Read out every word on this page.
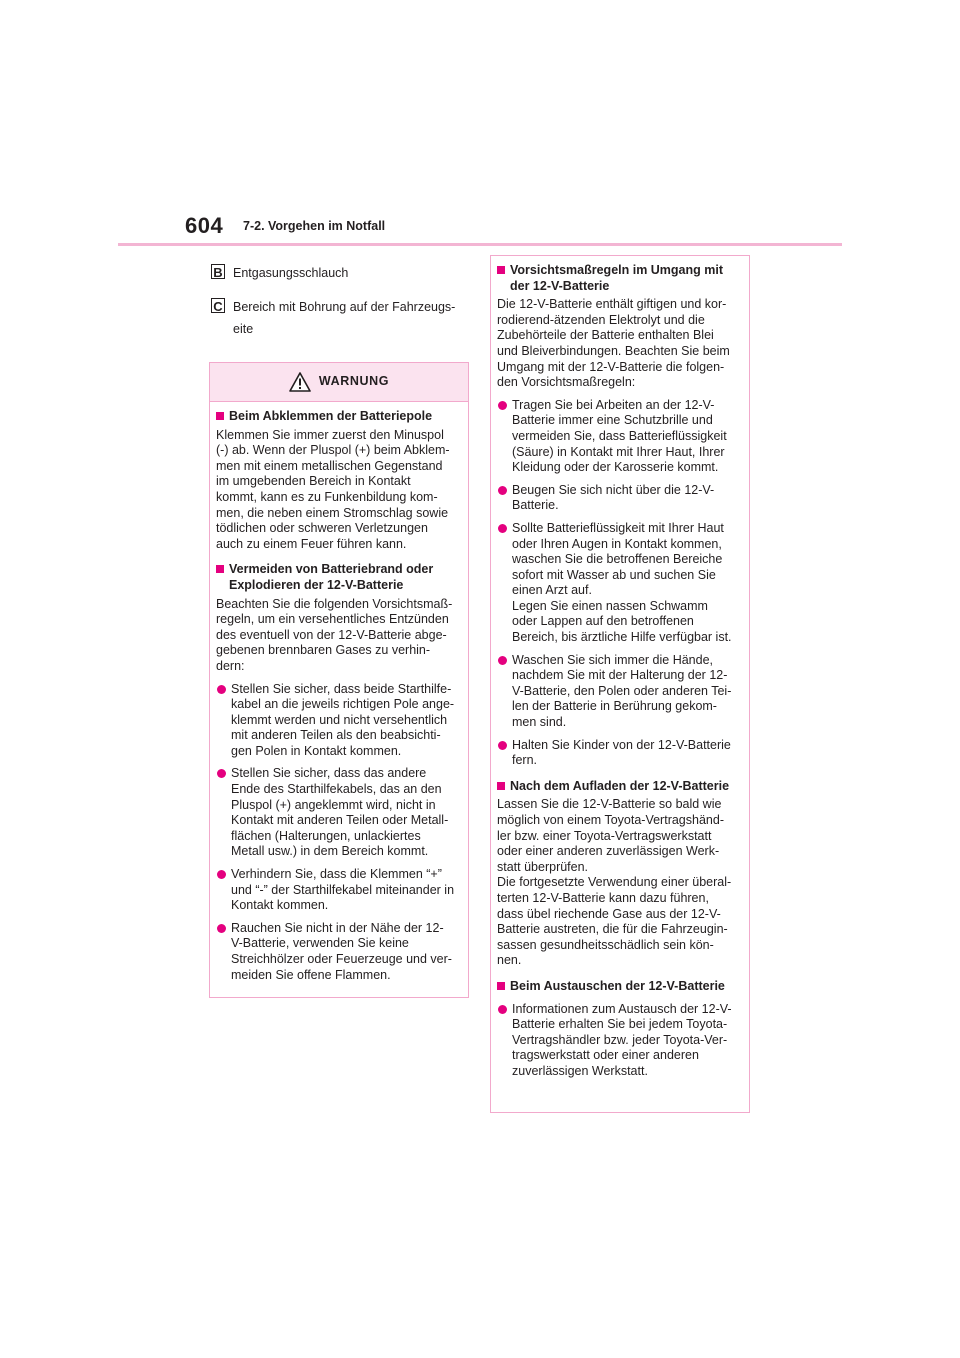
604 7-2. Vorgehen im Notfall
B Entgasungsschlauch
C Bereich mit Bohrung auf der Fahrzeugs-
eite
WARNUNG
Beim Abklemmen der Batteriepole
Klemmen Sie immer zuerst den Minuspol
(-) ab. Wenn der Pluspol (+) beim Abklem-
men mit einem metallischen Gegenstand
im umgebenden Bereich in Kontakt
kommt, kann es zu Funkenbildung kom-
men, die neben einem Stromschlag sowie
tödlichen oder schweren Verletzungen
auch zu einem Feuer führen kann.
Vermeiden von Batteriebrand oder
Explodieren der 12-V-Batterie
Beachten Sie die folgenden Vorsichtsmaß-
regeln, um ein versehentliches Entzünden
des eventuell von der 12-V-Batterie abge-
gebenen brennbaren Gases zu verhin-
dern:
Stellen Sie sicher, dass beide Starthilfe-
kabel an die jeweils richtigen Pole ange-
klemmt werden und nicht versehentlich
mit anderen Teilen als den beabsichti-
gen Polen in Kontakt kommen.
Stellen Sie sicher, dass das andere
Ende des Starthilfekabels, das an den
Pluspol (+) angeklemmt wird, nicht in
Kontakt mit anderen Teilen oder Metall-
flächen (Halterungen, unlackiertes
Metall usw.) in dem Bereich kommt.
Verhindern Sie, dass die Klemmen “+”
und “-” der Starthilfekabel miteinander in
Kontakt kommen.
Rauchen Sie nicht in der Nähe der 12-
V-Batterie, verwenden Sie keine
Streichhölzer oder Feuerzeuge und ver-
meiden Sie offene Flammen.
Vorsichtsmaßregeln im Umgang mit
der 12-V-Batterie
Die 12-V-Batterie enthält giftigen und kor-
rodierend-ätzenden Elektrolyt und die
Zubehörteile der Batterie enthalten Blei
und Bleiverbindungen. Beachten Sie beim
Umgang mit der 12-V-Batterie die folgen-
den Vorsichtsmaßregeln:
Tragen Sie bei Arbeiten an der 12-V-
Batterie immer eine Schutzbrille und
vermeiden Sie, dass Batterieflüssigkeit
(Säure) in Kontakt mit Ihrer Haut, Ihrer
Kleidung oder der Karosserie kommt.
Beugen Sie sich nicht über die 12-V-
Batterie.
Sollte Batterieflüssigkeit mit Ihrer Haut
oder Ihren Augen in Kontakt kommen,
waschen Sie die betroffenen Bereiche
sofort mit Wasser ab und suchen Sie
einen Arzt auf.
Legen Sie einen nassen Schwamm
oder Lappen auf den betroffenen
Bereich, bis ärztliche Hilfe verfügbar ist.
Waschen Sie sich immer die Hände,
nachdem Sie mit der Halterung der 12-
V-Batterie, den Polen oder anderen Tei-
len der Batterie in Berührung gekom-
men sind.
Halten Sie Kinder von der 12-V-Batterie
fern.
Nach dem Aufladen der 12-V-Batterie
Lassen Sie die 12-V-Batterie so bald wie
möglich von einem Toyota-Vertragshänd-
ler bzw. einer Toyota-Vertragswerkstatt
oder einer anderen zuverlässigen Werk-
statt überprüfen.
Die fortgesetzte Verwendung einer überal-
terten 12-V-Batterie kann dazu führen,
dass übel riechende Gase aus der 12-V-
Batterie austreten, die für die Fahrzeugin-
sassen gesundheitsschädlich sein kön-
nen.
Beim Austauschen der 12-V-Batterie
Informationen zum Austausch der 12-V-
Batterie erhalten Sie bei jedem Toyota-
Vertragshändler bzw. jeder Toyota-Ver-
tragswerkstatt oder einer anderen
zuverlässigen Werkstatt.
